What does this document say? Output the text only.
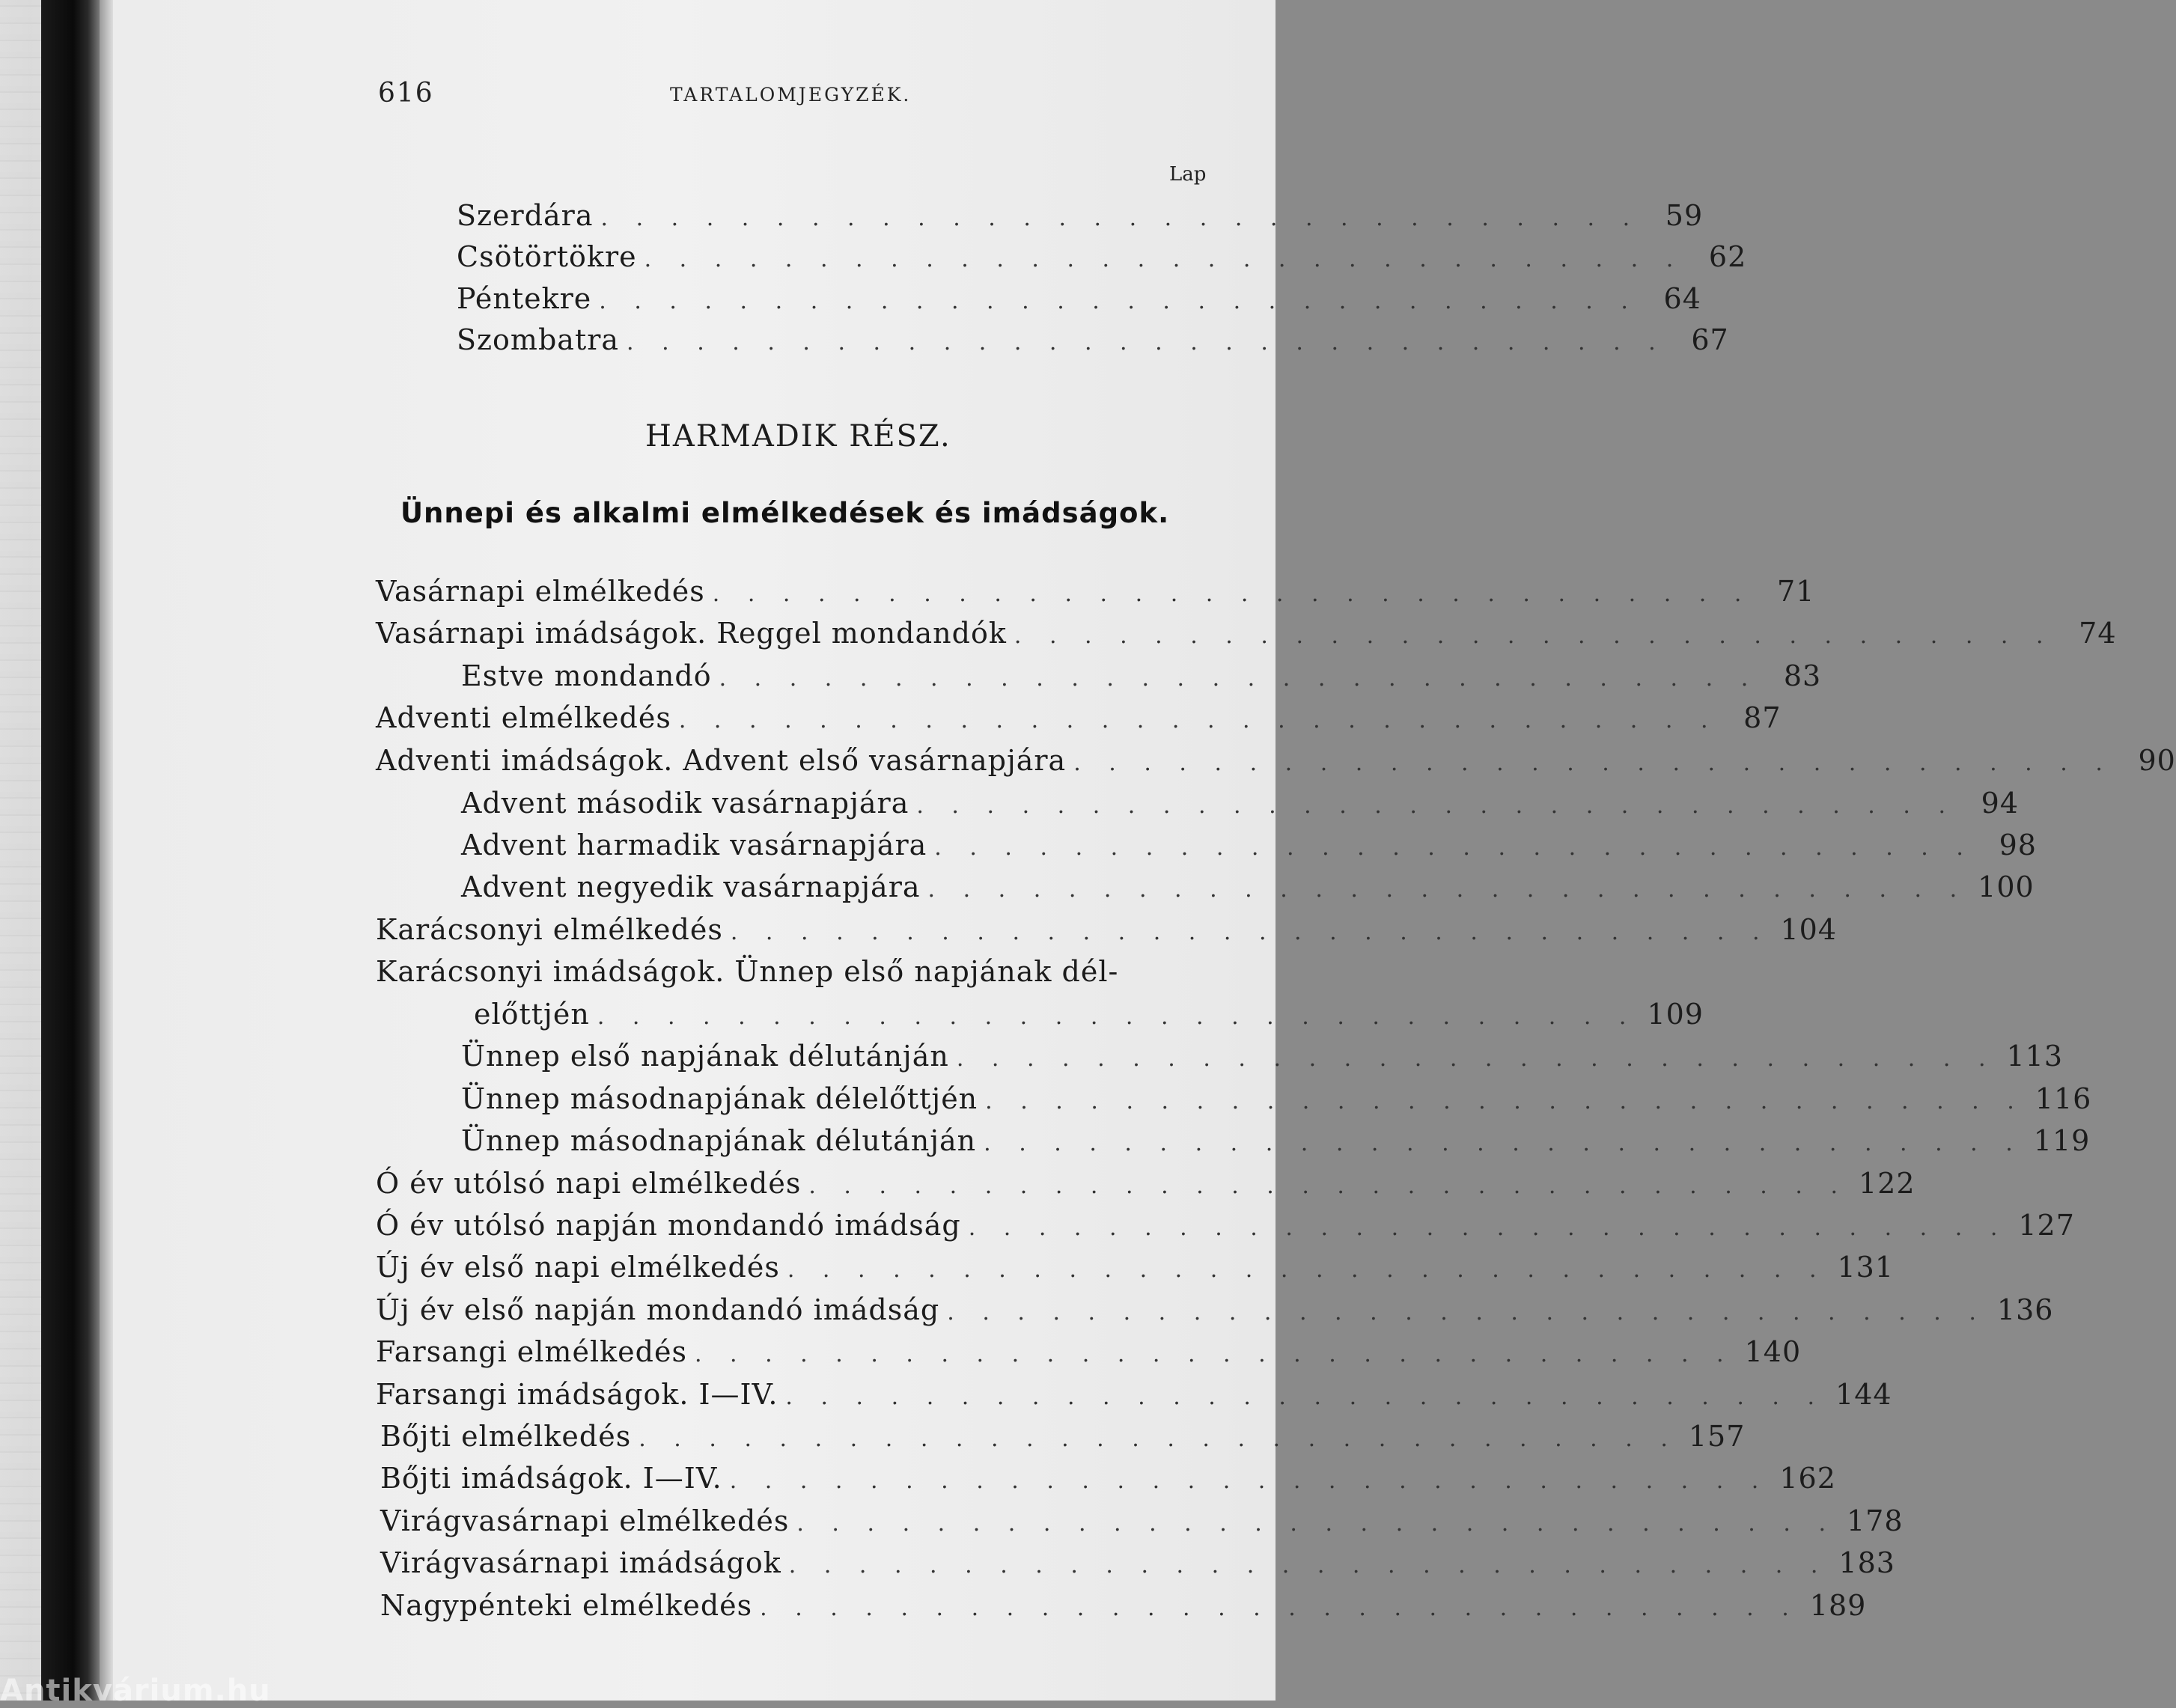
616	TARTALOMJEGYZÉK.
Lap
Szerdára . . . . . . . . . . . . . . . . . . . . . . . . . . . . . . 59
Csötörtökre . . . . . . . . . . . . . . . . . . . . . . . . . . . . . . 62
Péntekre . . . . . . . . . . . . . . . . . . . . . . . . . . . . . . 64
Szombatra . . . . . . . . . . . . . . . . . . . . . . . . . . . . . . 67
HARMADIK RÉSZ.
Ünnepi és alkalmi elmélkedések és imádságok.
Vasárnapi elmélkedés . . . . . . . . . . . . . . . . . . . . . . . . . . . . . . 71
Vasárnapi imádságok. Reggel mondandók . . . . . . . . . . . . . . . . . . . . . . . . . . . . . . 74
Estve mondandó . . . . . . . . . . . . . . . . . . . . . . . . . . . . . . 83
Adventi elmélkedés . . . . . . . . . . . . . . . . . . . . . . . . . . . . . . 87
Adventi imádságok. Advent első vasárnapjára . . . . . . . . . . . . . . . . . . . . . . . . . . . . . . 90
Advent második vasárnapjára . . . . . . . . . . . . . . . . . . . . . . . . . . . . . . 94
Advent harmadik vasárnapjára . . . . . . . . . . . . . . . . . . . . . . . . . . . . . . 98
Advent negyedik vasárnapjára . . . . . . . . . . . . . . . . . . . . . . . . . . . . . . 100
Karácsonyi elmélkedés . . . . . . . . . . . . . . . . . . . . . . . . . . . . . . 104
Karácsonyi imádságok. Ünnep első napjának dél-
előttjén . . . . . . . . . . . . . . . . . . . . . . . . . . . . . . 109
Ünnep első napjának délutánján . . . . . . . . . . . . . . . . . . . . . . . . . . . . . . 113
Ünnep másodnapjának délelőttjén . . . . . . . . . . . . . . . . . . . . . . . . . . . . . . 116
Ünnep másodnapjának délutánján . . . . . . . . . . . . . . . . . . . . . . . . . . . . . . 119
Ó év utólsó napi elmélkedés . . . . . . . . . . . . . . . . . . . . . . . . . . . . . . 122
Ó év utólsó napján mondandó imádság . . . . . . . . . . . . . . . . . . . . . . . . . . . . . . 127
Új év első napi elmélkedés . . . . . . . . . . . . . . . . . . . . . . . . . . . . . . 131
Új év első napján mondandó imádság . . . . . . . . . . . . . . . . . . . . . . . . . . . . . . 136
Farsangi elmélkedés . . . . . . . . . . . . . . . . . . . . . . . . . . . . . . 140
Farsangi imádságok. I—IV. . . . . . . . . . . . . . . . . . . . . . . . . . . . . . . 144
Bőjti elmélkedés . . . . . . . . . . . . . . . . . . . . . . . . . . . . . . 157
Bőjti imádságok. I—IV. . . . . . . . . . . . . . . . . . . . . . . . . . . . . . . 162
Virágvasárnapi elmélkedés . . . . . . . . . . . . . . . . . . . . . . . . . . . . . . 178
Virágvasárnapi imádságok . . . . . . . . . . . . . . . . . . . . . . . . . . . . . . 183
Nagypénteki elmélkedés . . . . . . . . . . . . . . . . . . . . . . . . . . . . . . 189
Antikvárium.hu
